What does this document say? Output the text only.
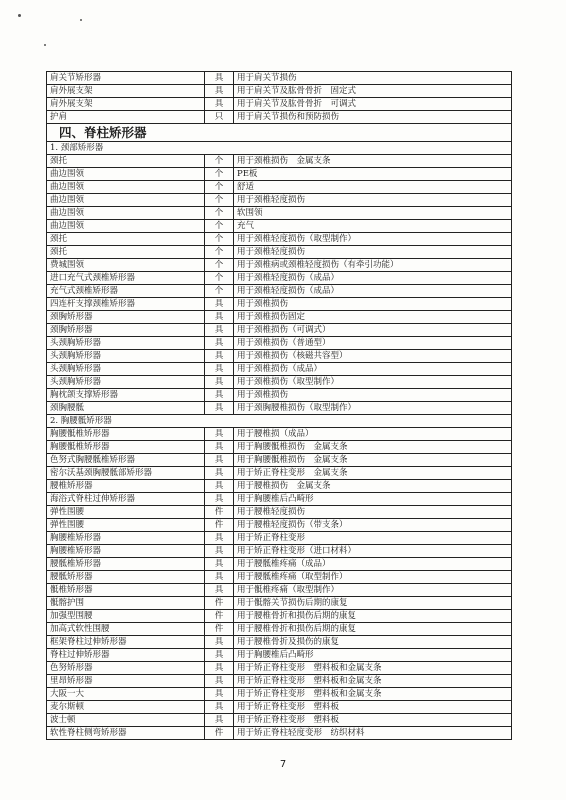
肩关节矫形器	具	用于肩关节损伤
肩外展支架	具	用于肩关节及肱骨骨折　固定式
肩外展支架	具	用于肩关节及肱骨骨折　可调式
护肩	只	用于肩关节损伤和预防损伤
四、脊柱矫形器		
1. 颈部矫形器		
颈托	个	用于颈椎损伤　金属支条
曲边围领	个	PE板
曲边围领	个	舒适
曲边围领	个	用于颈椎轻度损伤
曲边围领	个	软围领
曲边围领	个	充气
颈托	个	用于颈椎轻度损伤（取型制作）
颈托	个	用于颈椎轻度损伤
费城围领	个	用于颈椎病或颈椎轻度损伤（有牵引功能）
进口充气式颈椎矫形器	个	用于颈椎轻度损伤（成品）
充气式颈椎矫形器	个	用于颈椎轻度损伤（成品）
四连杆支撑颈椎矫形器	具	用于颈椎损伤
颈胸矫形器	具	用于颈椎损伤固定
颈胸矫形器	具	用于颈椎损伤（可调式）
头颈胸矫形器	具	用于颈椎损伤（普通型）
头颈胸矫形器	具	用于颈椎损伤（核磁共容型）
头颈胸矫形器	具	用于颈椎损伤（成品）
头颈胸矫形器	具	用于颈椎损伤（取型制作）
胸枕颌支撑矫形器	具	用于颈椎损伤
颈胸腰骶	具	用于颈胸腰椎损伤（取型制作）
2. 胸腰骶矫形器		
胸腰骶椎矫形器	具	用于腰椎损（成品）
胸腰骶椎矫形器	具	用于胸腰骶椎损伤　金属支条
色努式胸腰骶椎矫形器	具	用于胸腰骶椎损伤　金属支条
密尔沃基颈胸腰骶部矫形器	具	用于矫正脊柱变形　金属支条
腰椎矫形器	具	用于腰椎损伤　金属支条
海浴式脊柱过伸矫形器	具	用于胸腰椎后凸畸形
弹性围腰	件	用于腰椎轻度损伤
弹性围腰	件	用于腰椎轻度损伤（带支条）
胸腰椎矫形器	具	用于矫正脊柱变形
胸腰椎矫形器	具	用于矫正脊柱变形（进口材料）
腰骶椎矫形器	具	用于腰骶椎疼痛（成品）
腰骶矫形器	具	用于腰骶椎疼痛（取型制作）
骶椎矫形器	具	用于骶椎疼痛（取型制作）
骶髂护围	件	用于骶髂关节损伤后期的康复
加强型围腰	件	用于腰椎骨折和损伤后期的康复
加高式软性围腰	件	用于腰椎骨折和损伤后期的康复
框架脊柱过伸矫形器	具	用于腰椎骨折及损伤的康复
脊柱过伸矫形器	具	用于胸腰椎后凸畸形
色努矫形器	具	用于矫正脊柱变形　塑料板和金属支条
里昂矫形器	具	用于矫正脊柱变形　塑料板和金属支条
大阪一大	具	用于矫正脊柱变形　塑料板和金属支条
麦尔斯顿	具	用于矫正脊柱变形　塑料板
波士顿	具	用于矫正脊柱变形　塑料板
软性脊柱侧弯矫形器	件	用于矫正脊柱轻度变形　纺织材料
7
